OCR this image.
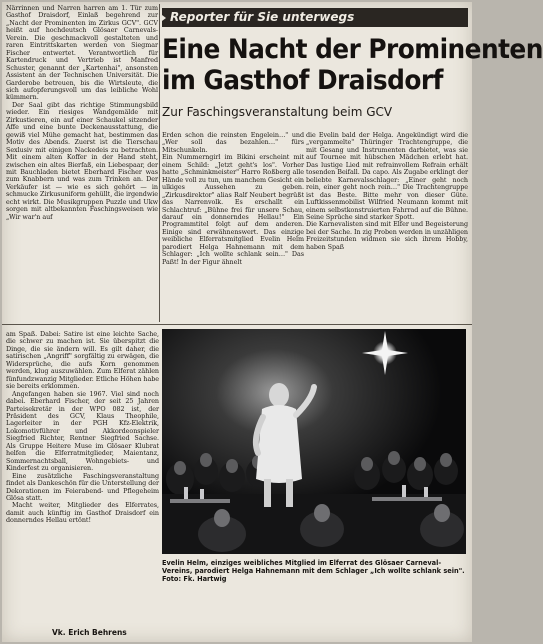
Närrinnen und Narren harren am 1. Tür zum Gasthof Draisdorf, Einlaß begehrend zur „Nacht der Prominenten im Zirkus GCV". GCV heißt auf hochdeutsch Glösaer Carnevals-Verein. Die geschmackvoll gestalteten und raren Eintrittskarten werden von Siegmar Fischer entwertet. Verantwortlich für Kartendruck und Vertrieb ist Manfred Schuster, genannt der „Kartenhai", ansonsten Assistent an der Technischen Universität. Die Garderobe betreuen, bis die Wirtsleute, die sich aufopferungsvoll um das leibliche Wohl kümmern.

Der Saal gibt das richtige Stimmungsbild wieder. Ein riesiges Wandgemälde mit Zirkustieren, ein auf einer Schaukel sitzender Affe und eine bunte Deckenausstattung, die gewiß viel Mühe gemacht hat, bestimmen das Motiv des Abends. Zuerst ist die Tierschau Sexlusiv mit einigen Nackedeis zu betrachten. Mit einem alten Koffer in der Hand steht, zwischen ein altes Bierfaß, ein Liebespaar, der mit Bauchladen bietet Eberhard Fischer was zum Knabbern und was zum Trinken an. Der Verkäufer ist — wie es sich gehört — in schmucke Zirkusuniform gehüllt, die irgendwie echt wirkt. Die Musikgruppen Puzzle und Ukw sorgen mit altbekannten Faschingsweisen wie „Wir war'n auf

Reporter für Sie unterwegs
Eine Nacht der Prominenten
im Gasthof Draisdorf
Zur Faschingsveranstaltung beim GCV

Erden schon die reinsten Engelein…" und „Wer soll das bezahlen…" fürs Mitschunkeln.
Ein Nummerngirl im Bikini erscheint mit einem Schild: „Jetzt geht's los". Vorher hatte „Schminkmeister" Harro Roßberg alle Hände voll zu tun, um manchem Gesicht ein ulkiges Aussehen zu geben. „Zirkusdirektor" alias Ralf Neubert begrüßt das Narrenvolk. Es erschallt ein Schlachtruf: „Bühne frei für unsere Schau, darauf ein donnerndes Hellau!" Ein Programmtitel folgt auf dem anderen. Einige sind erwähnenswert. Das einzige weibliche Elferratsmitglied Evelin Helm parodiert Helga Hahnemann mit dem Schlager: „Ich wollte schlank sein…" Das Paßt! In der Figur ähnelt

die Evelin bald der Helga. Angekündigt wird die „vergammelte" Thüringer Trachtengruppe, die mit Gesang und Instrumenten darbietet, was sie auf Tournee mit hübschen Mädchen erlebt hat. Das lustige Lied mit refrainvollem Refrain erhält tosenden Beifall. Da capo. Als Zugabe erklingt der beliebte Karnevalsschlager: „Einer geht noch rein, einer geht noch rein…" Die Trachtengruppe ist das Beste. Bitte mehr von dieser Güte. Luftkissenmobilist Wilfried Neumann kommt mit einem selbstkonstruierten Fahrrad auf die Bühne. Seine Sprüche sind starker Spott.
Die Karnevalisten sind mit Elfer und Begeisterung bei der Sache. In zig Proben werden in unzähligen Freizeitstunden widmen sie sich ihrem Hobby, haben Spaß

am Spaß. Dabei: Satire ist eine leichte Sache, die schwer zu machen ist. Sie überspitzt die Dinge, die sie ändern will. Es gilt daher, die satirischen „Angriff" sorgfältig zu erwägen, die Widersprüche, die aufs Korn genommen werden, klug auszuwählen. Zum Elferat zählen fünfundzwanzig Mitglieder. Etliche Höhen habe sie bereits erklommen.

Angefangen haben sie 1967. Viel sind noch dabei. Eberhard Fischer, der seit 25 Jahren Parteisekretär in der WPO 082 ist, der Präsident des GCV, Klaus Theophile, Lagerleiter in der PGH Kfz-Elektrik, Lokomotivführer und Akkordeonspieler Siegfried Richter, Rentner Siegfried Sachse. Als Gruppe Heitere Muse im Glösaer Klubrat helfen die Elferratmitglieder, Maientanz, Sommernachtsball, Wohngebiets- und Kinderfest zu organisieren.

Eine zusätzliche Faschingsveranstaltung findet als Dankeschön für die Unterstellung der Dekorationen im Feierabend- und Pflegeheim Glösa statt.

Macht weiter, Mitglieder des Elferrates, damit auch künftig im Gasthof Draisdorf ein donnerndes Hellau ertönt!

Evelin Helm, einziges weibliches Mitglied im Elferrat des Glösaer Carneval-Vereins, parodiert Helga Hahnemann mit dem Schlager „Ich wollte schlank sein". Foto: Fk. Hartwig
Vk. Erich Behrens
